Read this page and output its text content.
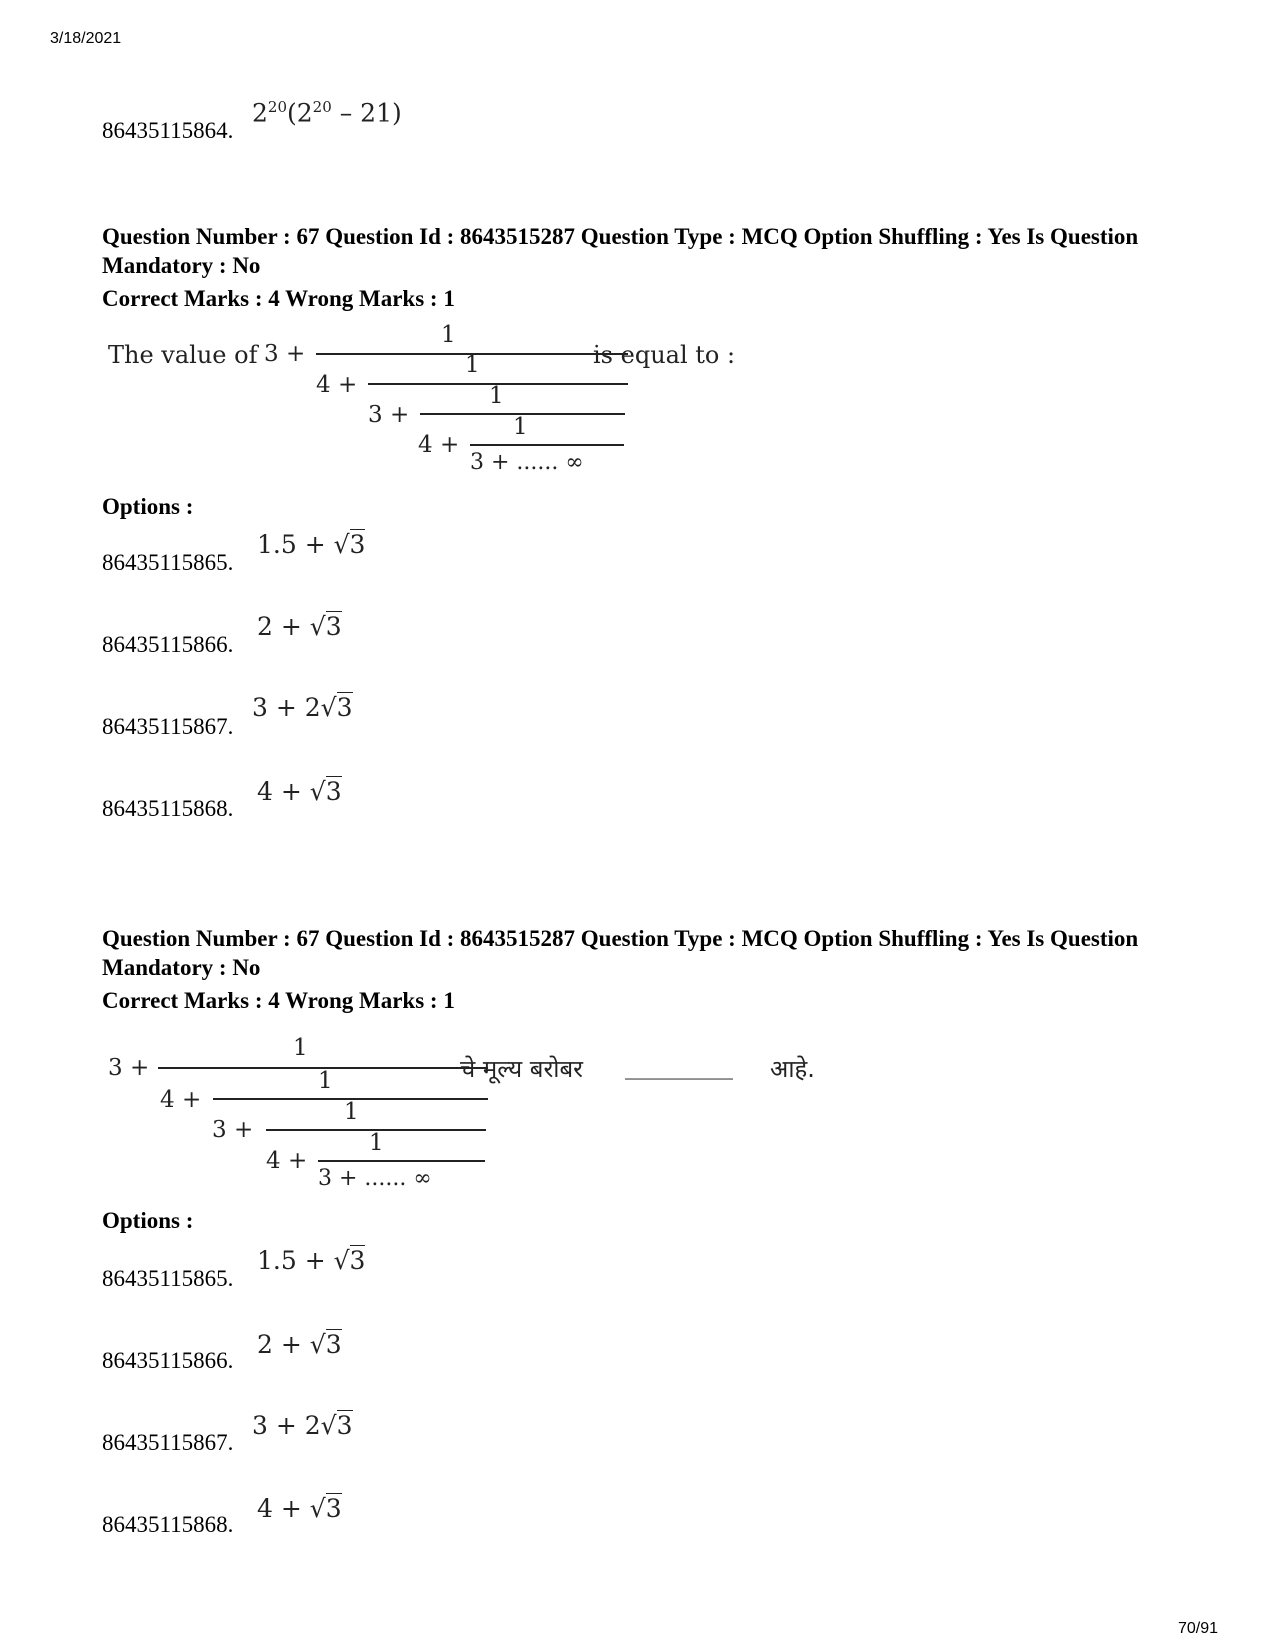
3/18/2021
70/91
86435115864.
$2^{20}(2^{20} - 21)$
Question Number : 67 Question Id : 8643515287 Question Type : MCQ Option Shuffling : Yes Is Question Mandatory : No
Correct Marks : 4 Wrong Marks : 1
The value of 3 +
1
4 +
1
3 +
1
4 +
1
3 + ...... ∞
is equal to :
Options :
86435115865.
1.5 + √3
86435115866.
2 + √3
86435115867.
3 + 2√3
86435115868.
4 + √3
Question Number : 67 Question Id : 8643515287 Question Type : MCQ Option Shuffling : Yes Is Question Mandatory : No
Correct Marks : 4 Wrong Marks : 1
3 +
1
4 +
1
3 +
1
4 +
1
3 + ...... ∞
चे मूल्य बरोबर _________ आहे.
Options :
86435115865.
1.5 + √3
86435115866.
2 + √3
86435115867.
3 + 2√3
86435115868.
4 + √3
